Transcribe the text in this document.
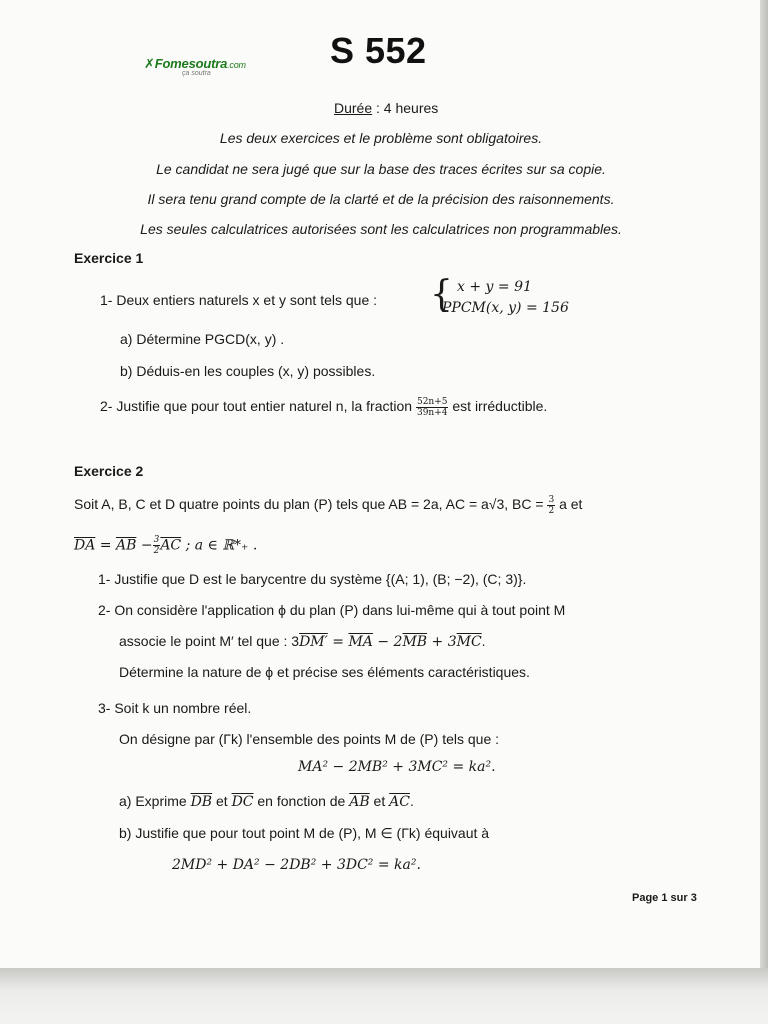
✗Fomesoutra.com
ça soutra
S 552
Durée : 4 heures
Les deux exercices et le problème sont obligatoires.
Le candidat ne sera jugé que sur la base des traces écrites sur sa copie.
Il sera tenu grand compte de la clarté et de la précision des raisonnements.
Les seules calculatrices autorisées sont les calculatrices non programmables.
Exercice 1
1- Deux entiers naturels x et y sont tels que : { x + y = 91
PPCM(x, y) = 156
a) Détermine PGCD(x, y) .
b) Déduis-en les couples (x, y) possibles.
2- Justifie que pour tout entier naturel n, la fraction $\frac{52n+5}{39n+4}$ est irréductible.
Exercice 2
Soit A, B, C et D quatre points du plan (P) tels que AB = 2a, AC = a√3, BC = $\frac{3}{2}$ a et
$\overline{DA} = \overline{AB} - \frac{3}{2} \overline{AC}$ ; a ∈ ℝ*₊ .
1- Justifie que D est le barycentre du système {(A; 1), (B; −2), (C; 3)}.
2- On considère l'application ϕ du plan (P) dans lui-même qui à tout point M
associe le point M′ tel que : $3DM' = \overline{MA} - 2\overline{MB} + 3\overline{MC}$.
Détermine la nature de ϕ et précise ses éléments caractéristiques.
3- Soit k un nombre réel.
On désigne par (Γk) l'ensemble des points M de (P) tels que :
MA² − 2MB² + 3MC² = ka².
a) Exprime $\overline{DB}$ et $\overline{DC}$ en fonction de $\overline{AB}$ et $\overline{AC}$.
b) Justifie que pour tout point M de (P), M ∈ (Γk) équivaut à
2MD² + DA² − 2DB² + 3DC² = ka².
Page 1 sur 3
